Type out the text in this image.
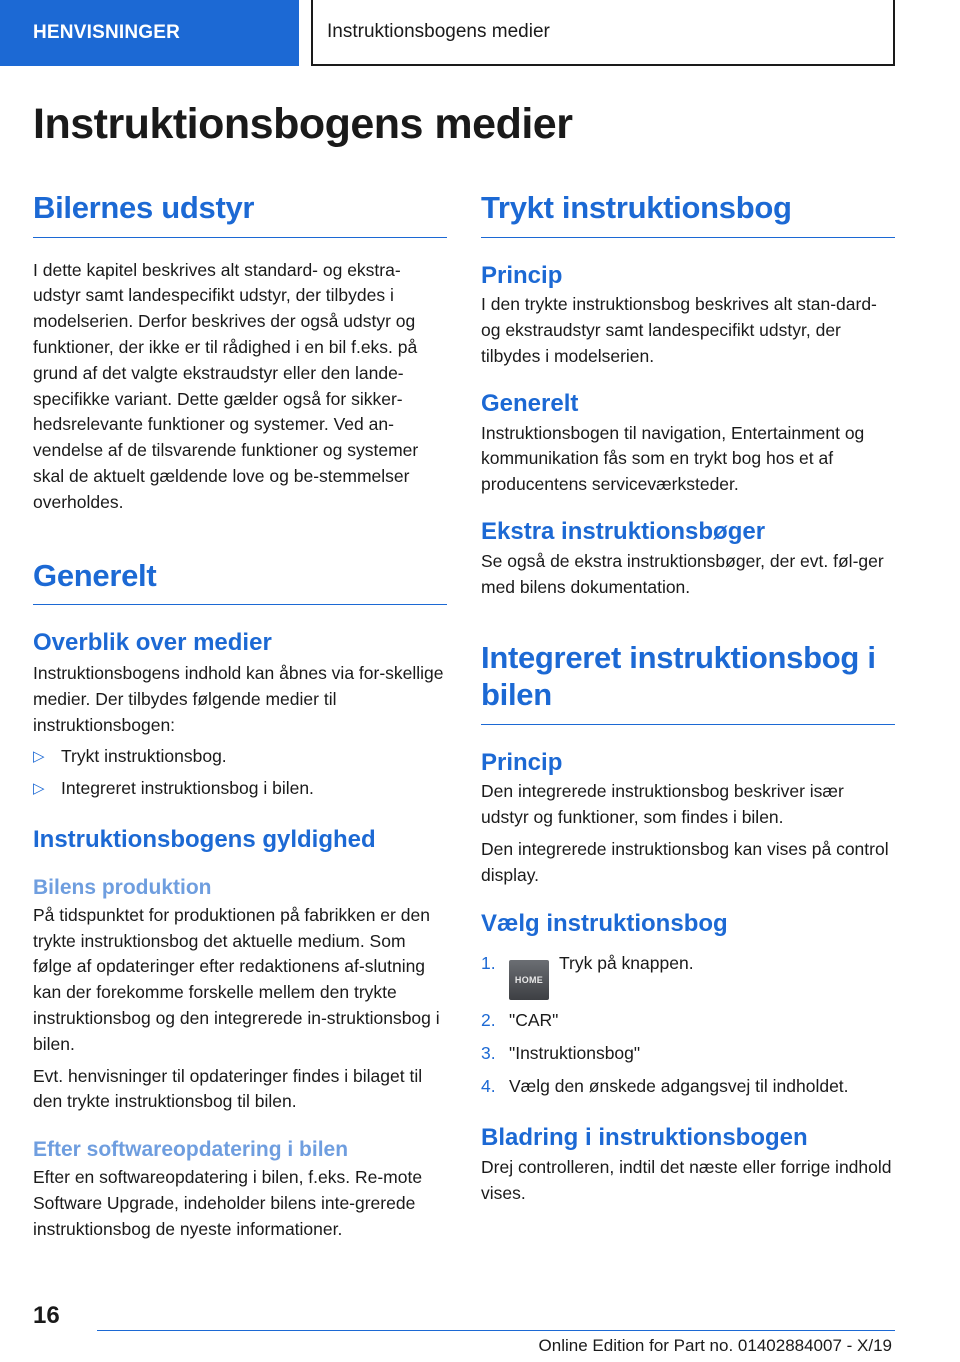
HENVISNINGER	Instruktionsbogens medier
Instruktionsbogens medier
Bilernes udstyr

I dette kapitel beskrives alt standard- og ekstra-udstyr samt landespecifikt udstyr, der tilbydes i modelserien. Derfor beskrives der også udstyr og funktioner, der ikke er til rådighed i en bil f.eks. på grund af det valgte ekstraudstyr eller den lande-specifikke variant. Dette gælder også for sikker-hedsrelevante funktioner og systemer. Ved an-vendelse af de tilsvarende funktioner og systemer skal de aktuelt gældende love og be-stemmelser overholdes.

Generelt
Overblik over medier

Instruktionsbogens indhold kan åbnes via for-skellige medier. Der tilbydes følgende medier til instruktionsbogen:

▷ Trykt instruktionsbog.
▷ Integreret instruktionsbog i bilen.
Instruktionsbogens gyldighed
Bilens produktion

På tidspunktet for produktionen på fabrikken er den trykte instruktionsbog det aktuelle medium. Som følge af opdateringer efter redaktionens af-slutning kan der forekomme forskelle mellem den trykte instruktionsbog og den integrerede in-struktionsbog i bilen.

Evt. henvisninger til opdateringer findes i bilaget til den trykte instruktionsbog til bilen.

Efter softwareopdatering i bilen

Efter en softwareopdatering i bilen, f.eks. Re-mote Software Upgrade, indeholder bilens inte-grerede instruktionsbog de nyeste informationer.

Trykt instruktionsbog
Princip

I den trykte instruktionsbog beskrives alt stan-dard- og ekstraudstyr samt landespecifikt udstyr, der tilbydes i modelserien.

Generelt

Instruktionsbogen til navigation, Entertainment og kommunikation fås som en trykt bog hos et af producentens serviceværksteder.

Ekstra instruktionsbøger

Se også de ekstra instruktionsbøger, der evt. føl-ger med bilens dokumentation.

Integreret instruktionsbog i bilen
Princip

Den integrerede instruktionsbog beskriver især udstyr og funktioner, som findes i bilen.

Den integrerede instruktionsbog kan vises på control display.

Vælg instruktionsbog
1.
HOMETryk på knappen.
2. "CAR"
3. "Instruktionsbog"
4. Vælg den ønskede adgangsvej til indholdet.
Bladring i instruktionsbogen

Drej controlleren, indtil det næste eller forrige indhold vises.

16
Online Edition for Part no. 01402884007 - X/19
